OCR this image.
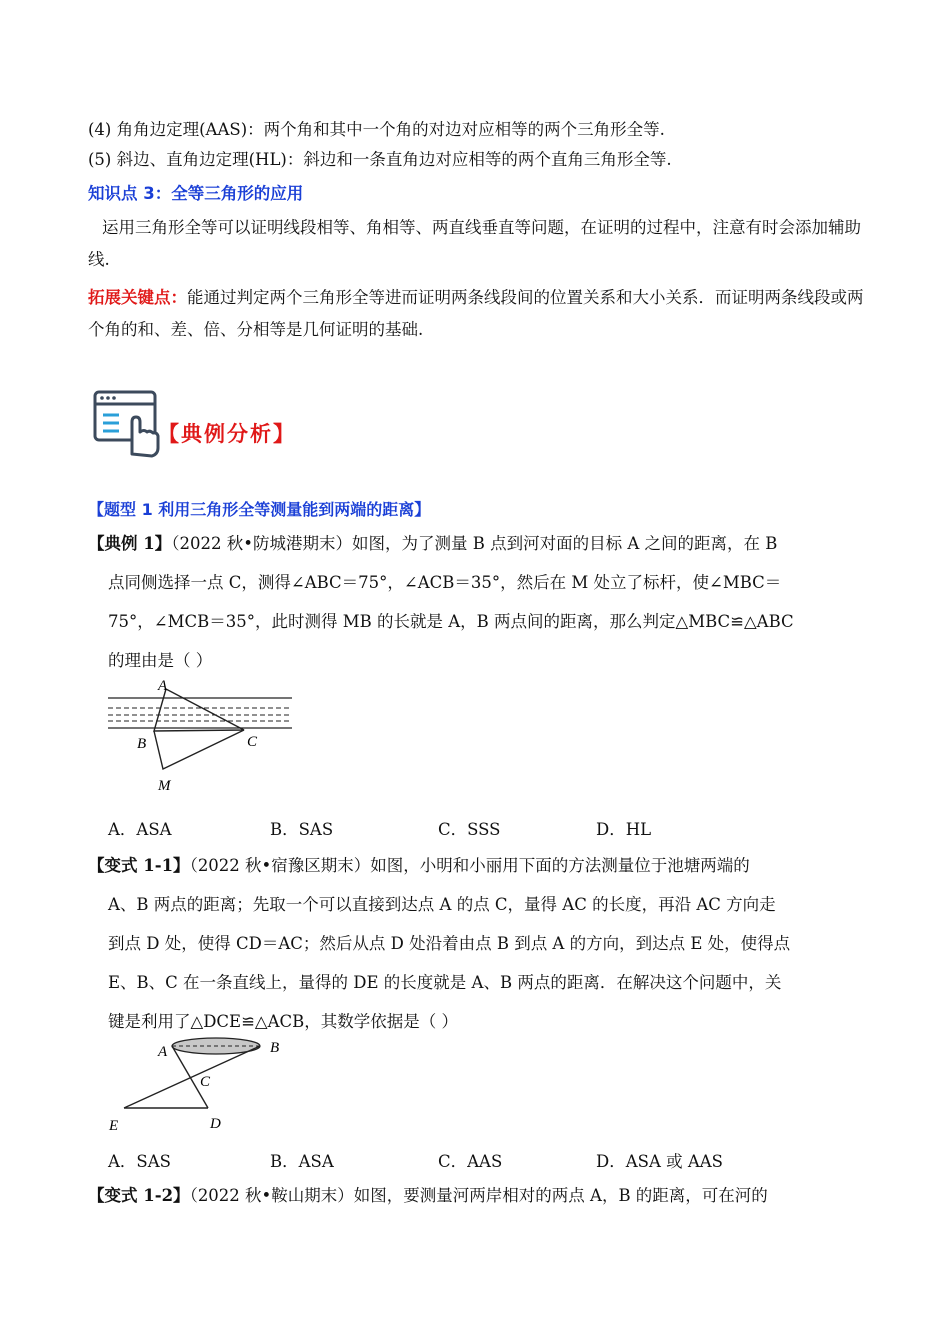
(4) 角角边定理(AAS)：两个角和其中一个角的对边对应相等的两个三角形全等.
(5) 斜边、直角边定理(HL)：斜边和一条直角边对应相等的两个直角三角形全等.
知识点 3：全等三角形的应用
运用三角形全等可以证明线段相等、角相等、两直线垂直等问题，在证明的过程中，注意有时会添加辅助线.
拓展关键点：能通过判定两个三角形全等进而证明两条线段间的位置关系和大小关系．而证明两条线段或两个角的和、差、倍、分相等是几何证明的基础.
【典例分析】
【题型 1 利用三角形全等测量能到两端的距离】
【典例 1】（2022 秋•防城港期末）如图，为了测量 B 点到河对面的目标 A 之间的距离，在 B
点同侧选择一点 C，测得∠ABC＝75°，∠ACB＝35°，然后在 M 处立了标杆，使∠MBC＝
75°，∠MCB＝35°，此时测得 MB 的长就是 A，B 两点间的距离，那么判定△MBC≌△ABC
的理由是（ ）
A
B	C
M
A．ASA	B．SAS	C．SSS	D．HL
【变式 1-1】（2022 秋•宿豫区期末）如图，小明和小丽用下面的方法测量位于池塘两端的
A、B 两点的距离；先取一个可以直接到达点 A 的点 C，量得 AC 的长度，再沿 AC 方向走
到点 D 处，使得 CD＝AC；然后从点 D 处沿着由点 B 到点 A 的方向，到达点 E 处，使得点
E、B、C 在一条直线上，量得的 DE 的长度就是 A、B 两点的距离．在解决这个问题中，关
键是利用了△DCE≌△ACB，其数学依据是（ ）
A	B
C
D
E
A．SAS	B．ASA	C．AAS	D．ASA 或 AAS
【变式 1-2】（2022 秋•鞍山期末）如图，要测量河两岸相对的两点 A，B 的距离，可在河的
